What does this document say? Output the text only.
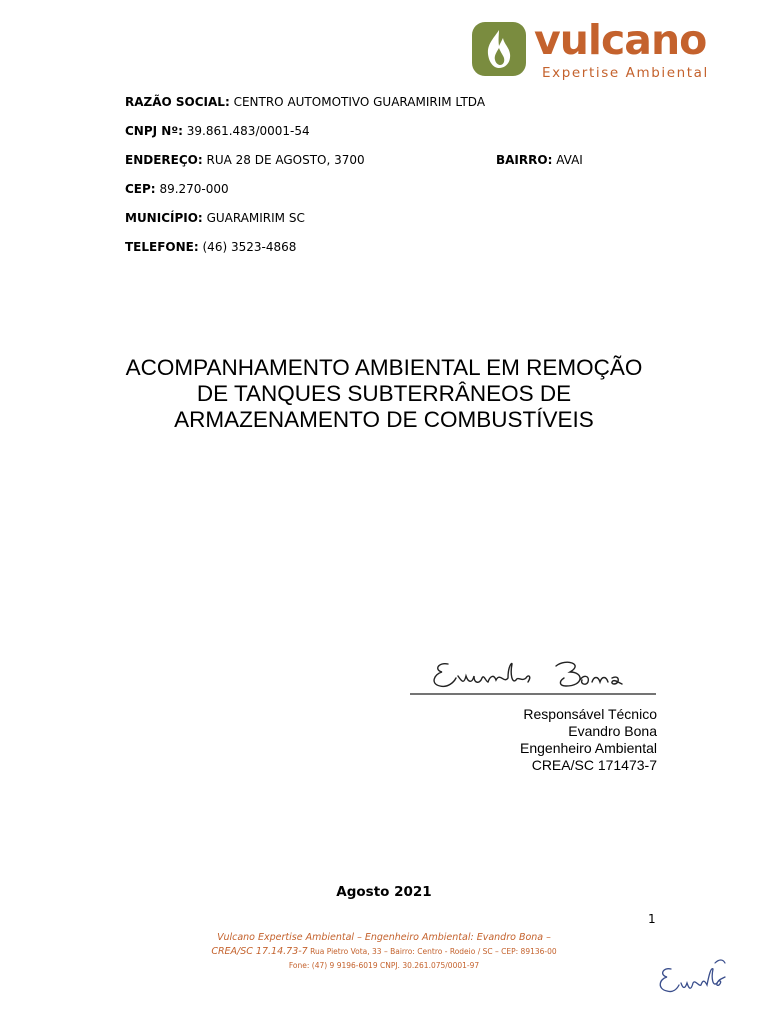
vulcano
Expertise Ambiental
RAZÃO SOCIAL: CENTRO AUTOMOTIVO GUARAMIRIM LTDA
CNPJ Nº: 39.861.483/0001-54
ENDEREÇO: RUA 28 DE AGOSTO, 3700	BAIRRO: AVAI
CEP: 89.270-000
MUNICÍPIO: GUARAMIRIM SC
TELEFONE: (46) 3523-4868
ACOMPANHAMENTO AMBIENTAL EM REMOÇÃO
DE TANQUES SUBTERRÂNEOS DE
ARMAZENAMENTO DE COMBUSTÍVEIS
Responsável Técnico
Evandro Bona
Engenheiro Ambiental
CREA/SC 171473-7
Agosto 2021
1
Vulcano Expertise Ambiental – Engenheiro Ambiental: Evandro Bona –
CREA/SC 17.14.73-7 Rua Pietro Vota, 33 – Bairro: Centro - Rodeio / SC – CEP: 89136-00
Fone: (47) 9 9196-6019 CNPJ. 30.261.075/0001-97
